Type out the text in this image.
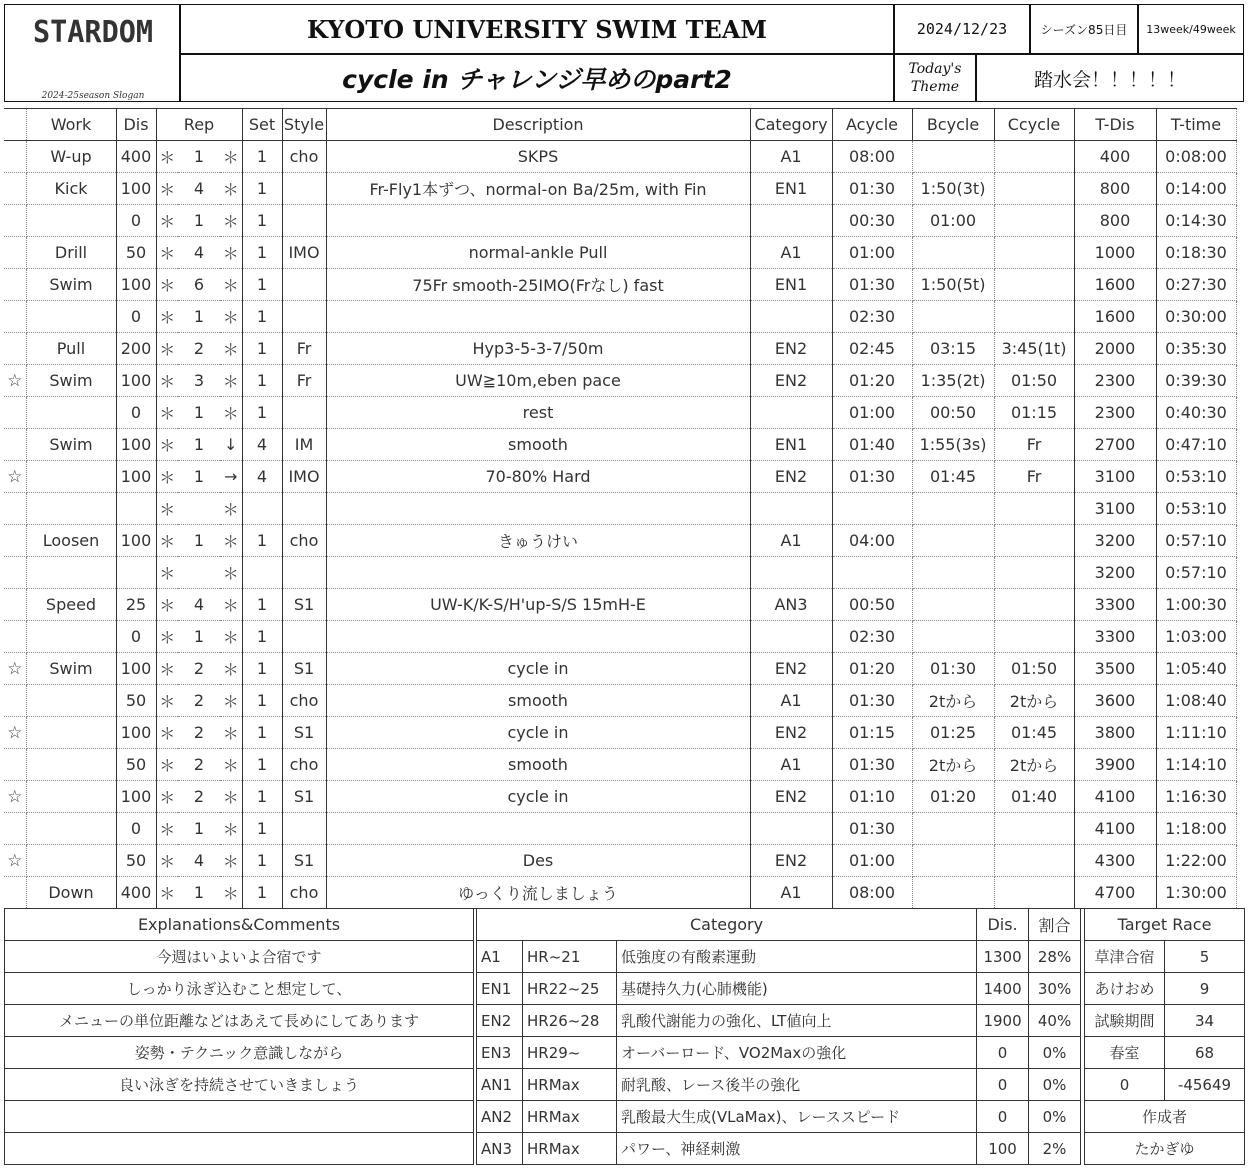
STARDOM
2024-25season Slogan
KYOTO UNIVERSITY SWIM TEAM	2024/12/23	シーズン85日目	13week/49week
cycle in チャレンジ早めのpart2	Today's Theme	踏水会！！！！！
	Work	Dis	Rep			Set	Style	Description	Category	Acycle	Bcycle	Ccycle	T-Dis	T-time
	W-up	400	＊	1	＊	1	cho	SKPS	A1	08:00			400	0:08:00
	Kick	100	＊	4	＊	1		Fr-Fly1本ずつ、normal-on Ba/25m, with Fin	EN1	01:30	1:50(3t)		800	0:14:00
		0	＊	1	＊	1				00:30	01:00		800	0:14:30
	Drill	50	＊	4	＊	1	IMO	normal-ankle Pull	A1	01:00			1000	0:18:30
	Swim	100	＊	6	＊	1		75Fr smooth-25IMO(Frなし) fast	EN1	01:30	1:50(5t)		1600	0:27:30
		0	＊	1	＊	1				02:30			1600	0:30:00
	Pull	200	＊	2	＊	1	Fr	Hyp3-5-3-7/50m	EN2	02:45	03:15	3:45(1t)	2000	0:35:30
☆	Swim	100	＊	3	＊	1	Fr	UW≧10m,eben pace	EN2	01:20	1:35(2t)	01:50	2300	0:39:30
		0	＊	1	＊	1		rest		01:00	00:50	01:15	2300	0:40:30
	Swim	100	＊	1	↓	4	IM	smooth	EN1	01:40	1:55(3s)	Fr	2700	0:47:10
☆		100	＊	1	→	4	IMO	70-80% Hard	EN2	01:30	01:45	Fr	3100	0:53:10
			＊		＊								3100	0:53:10
	Loosen	100	＊	1	＊	1	cho	きゅうけい	A1	04:00			3200	0:57:10
			＊		＊								3200	0:57:10
	Speed	25	＊	4	＊	1	S1	UW-K/K-S/H'up-S/S 15mH-E	AN3	00:50			3300	1:00:30
		0	＊	1	＊	1				02:30			3300	1:03:00
☆	Swim	100	＊	2	＊	1	S1	cycle in	EN2	01:20	01:30	01:50	3500	1:05:40
		50	＊	2	＊	1	cho	smooth	A1	01:30	2tから	2tから	3600	1:08:40
☆		100	＊	2	＊	1	S1	cycle in	EN2	01:15	01:25	01:45	3800	1:11:10
		50	＊	2	＊	1	cho	smooth	A1	01:30	2tから	2tから	3900	1:14:10
☆		100	＊	2	＊	1	S1	cycle in	EN2	01:10	01:20	01:40	4100	1:16:30
		0	＊	1	＊	1				01:30			4100	1:18:00
☆		50	＊	4	＊	1	S1	Des	EN2	01:00			4300	1:22:00
	Down	400	＊	1	＊	1	cho	ゆっくり流しましょう	A1	08:00			4700	1:30:00
Explanations&Comments
今週はいよいよ合宿です
しっかり泳ぎ込むこと想定して、
メニューの単位距離などはあえて長めにしてあります
姿勢・テクニック意識しながら
良い泳ぎを持続させていきましょう

Category			Dis.	割合
A1	HR~21	低強度の有酸素運動	1300	28%
EN1	HR22~25	基礎持久力(心肺機能)	1400	30%
EN2	HR26~28	乳酸代謝能力の強化、LT値向上	1900	40%
EN3	HR29~	オーバーロード、VO2Maxの強化	0	0%
AN1	HRMax	耐乳酸、レース後半の強化	0	0%
AN2	HRMax	乳酸最大生成(VLaMax)、レーススピード	0	0%
AN3	HRMax	パワー、神経刺激	100	2%
Target Race	
草津合宿	5
あけおめ	9
試験期間	34
春室	68
0	-45649
作成者	
たかぎゆ	
